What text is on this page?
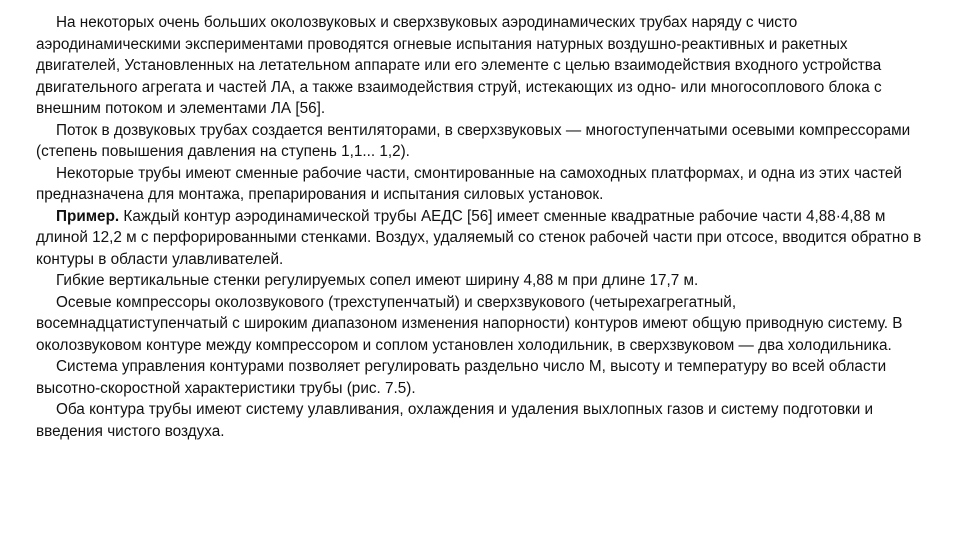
На некоторых очень больших околозвуковых и сверхзвуковых аэродинамических трубах наряду с чисто аэродинамическими экспериментами проводятся огневые испытания натурных воздушно-реактивных и ракетных двигателей, Установленных на летательном аппарате или его элементе с целью взаимодействия входного устройства двигательного агрегата и частей ЛА, а также взаимодействия струй, истекающих из одно- или многосоплового блока с внешним потоком и элементами ЛА [56].

Поток в дозвуковых трубах создается вентиляторами, в сверхзвуковых — многоступенчатыми осевыми компрессорами (степень повышения давления на ступень 1,1... 1,2).

Некоторые трубы имеют сменные рабочие части, смонтированные на самоходных платформах, и одна из этих частей предназначена для монтажа, препарирования и испытания силовых установок.

Пример. Каждый контур аэродинамической трубы АЕДС [56] имеет сменные квадратные рабочие части 4,88·4,88 м длиной 12,2 м с перфорированными стенками. Воздух, удаляемый со стенок рабочей части при отсосе, вводится обратно в контуры в области улавливателей.

Гибкие вертикальные стенки регулируемых сопел имеют ширину 4,88 м при длине 17,7 м.

Осевые компрессоры околозвукового (трехступенчатый) и сверхзвукового (четырехагрегатный, восемнадцатиступенчатый с широким диапазоном изменения напорности) контуров имеют общую приводную систему. В околозвуковом контуре между компрессором и соплом установлен холодильник, в сверхзвуковом — два холодильника.

Система управления контурами позволяет регулировать раздельно число М, высоту и температуру во всей области высотно-скоростной характеристики трубы (рис. 7.5).

Оба контура трубы имеют систему улавливания, охлаждения и удаления выхлопных газов и систему подготовки и введения чистого воздуха.
